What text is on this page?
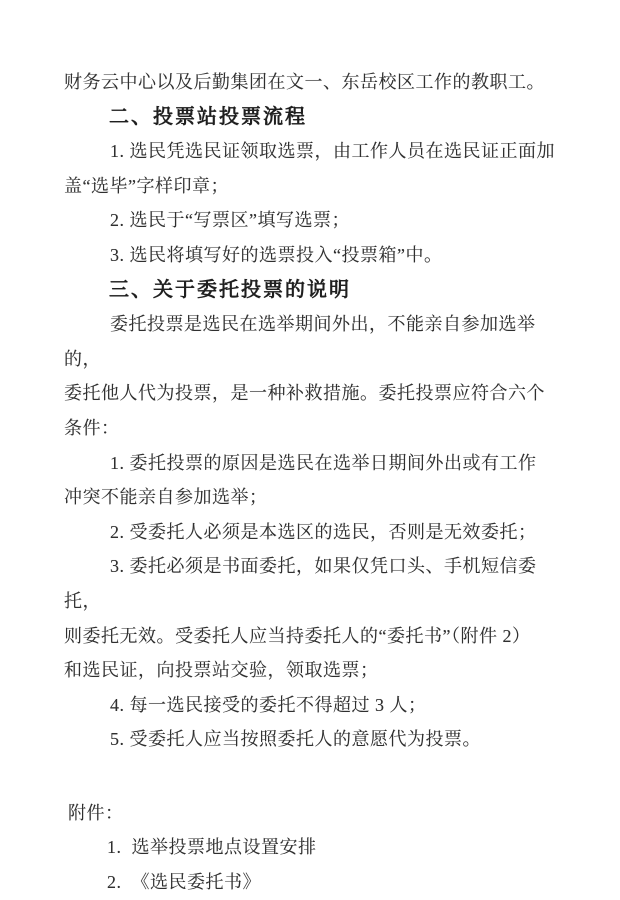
财务云中心以及后勤集团在文一、东岳校区工作的教职工。

二、投票站投票流程

1. 选民凭选民证领取选票，由工作人员在选民证正面加

盖“选毕”字样印章；

2. 选民于“写票区”填写选票；

3. 选民将填写好的选票投入“投票箱”中。

三、关于委托投票的说明

委托投票是选民在选举期间外出，不能亲自参加选举的，

委托他人代为投票，是一种补救措施。委托投票应符合六个

条件：

1. 委托投票的原因是选民在选举日期间外出或有工作

冲突不能亲自参加选举；

2. 受委托人必须是本选区的选民，否则是无效委托；

3. 委托必须是书面委托，如果仅凭口头、手机短信委托，

则委托无效。受委托人应当持委托人的“委托书”（附件 2）

和选民证，向投票站交验，领取选票；

4. 每一选民接受的委托不得超过 3 人；

5. 受委托人应当按照委托人的意愿代为投票。

附件：

1.  选举投票地点设置安排

2.  《选民委托书》
